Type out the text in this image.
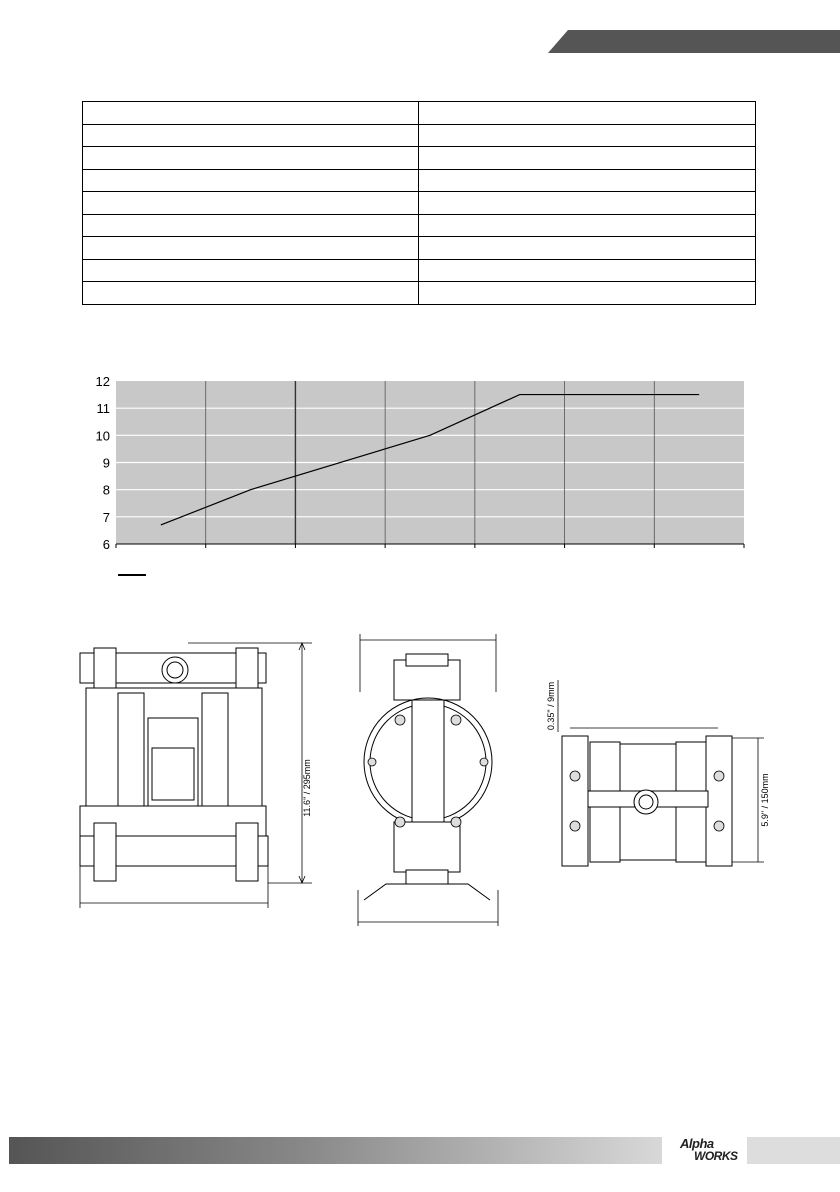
12
11
10
9
8
7
6
11.6" / 295mm
0.35" / 9mm
5.9" / 150mm
Alpha
WORKS
